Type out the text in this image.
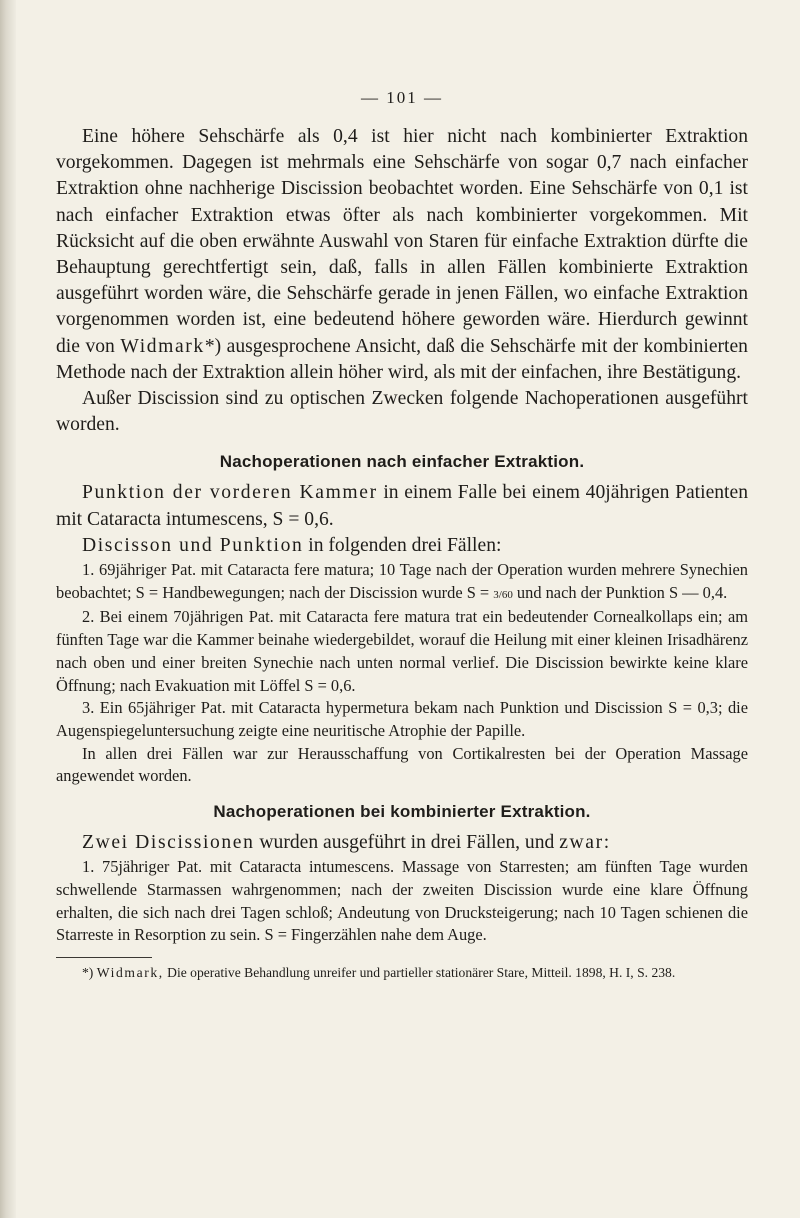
— 101 —

Eine höhere Sehschärfe als 0,4 ist hier nicht nach kombinierter Extraktion vorgekommen. Dagegen ist mehrmals eine Sehschärfe von sogar 0,7 nach einfacher Extraktion ohne nachherige Discission beobachtet worden. Eine Sehschärfe von 0,1 ist nach einfacher Extraktion etwas öfter als nach kombinierter vorgekommen. Mit Rücksicht auf die oben erwähnte Auswahl von Staren für einfache Extraktion dürfte die Behauptung gerechtfertigt sein, daß, falls in allen Fällen kombinierte Extraktion ausgeführt worden wäre, die Sehschärfe gerade in jenen Fällen, wo einfache Extraktion vorgenommen worden ist, eine bedeutend höhere geworden wäre. Hierdurch gewinnt die von Widmark*) ausgesprochene Ansicht, daß die Sehschärfe mit der kombinierten Methode nach der Extraktion allein höher wird, als mit der einfachen, ihre Bestätigung.

Außer Discission sind zu optischen Zwecken folgende Nachoperationen ausgeführt worden.

Nachoperationen nach einfacher Extraktion.

Punktion der vorderen Kammer in einem Falle bei einem 40jährigen Patienten mit Cataracta intumescens, S = 0,6.

Discisson und Punktion in folgenden drei Fällen:

1. 69jähriger Pat. mit Cataracta fere matura; 10 Tage nach der Operation wurden mehrere Synechien beobachtet; S = Handbewegungen; nach der Discission wurde S = 3/60 und nach der Punktion S — 0,4.

2. Bei einem 70jährigen Pat. mit Cataracta fere matura trat ein bedeutender Cornealkollaps ein; am fünften Tage war die Kammer beinahe wiedergebildet, worauf die Heilung mit einer kleinen Irisadhärenz nach oben und einer breiten Synechie nach unten normal verlief. Die Discission bewirkte keine klare Öffnung; nach Evakuation mit Löffel S = 0,6.

3. Ein 65jähriger Pat. mit Cataracta hypermetura bekam nach Punktion und Discission S = 0,3; die Augenspiegeluntersuchung zeigte eine neuritische Atrophie der Papille.

In allen drei Fällen war zur Herausschaffung von Cortikalresten bei der Operation Massage angewendet worden.

Nachoperationen bei kombinierter Extraktion.

Zwei Discissionen wurden ausgeführt in drei Fällen, und zwar:

1. 75jähriger Pat. mit Cataracta intumescens. Massage von Starresten; am fünften Tage wurden schwellende Starmassen wahrgenommen; nach der zweiten Discission wurde eine klare Öffnung erhalten, die sich nach drei Tagen schloß; Andeutung von Drucksteigerung; nach 10 Tagen schienen die Starreste in Resorption zu sein. S = Fingerzählen nahe dem Auge.

*) Widmark, Die operative Behandlung unreifer und partieller stationärer Stare, Mitteil. 1898, H. I, S. 238.
